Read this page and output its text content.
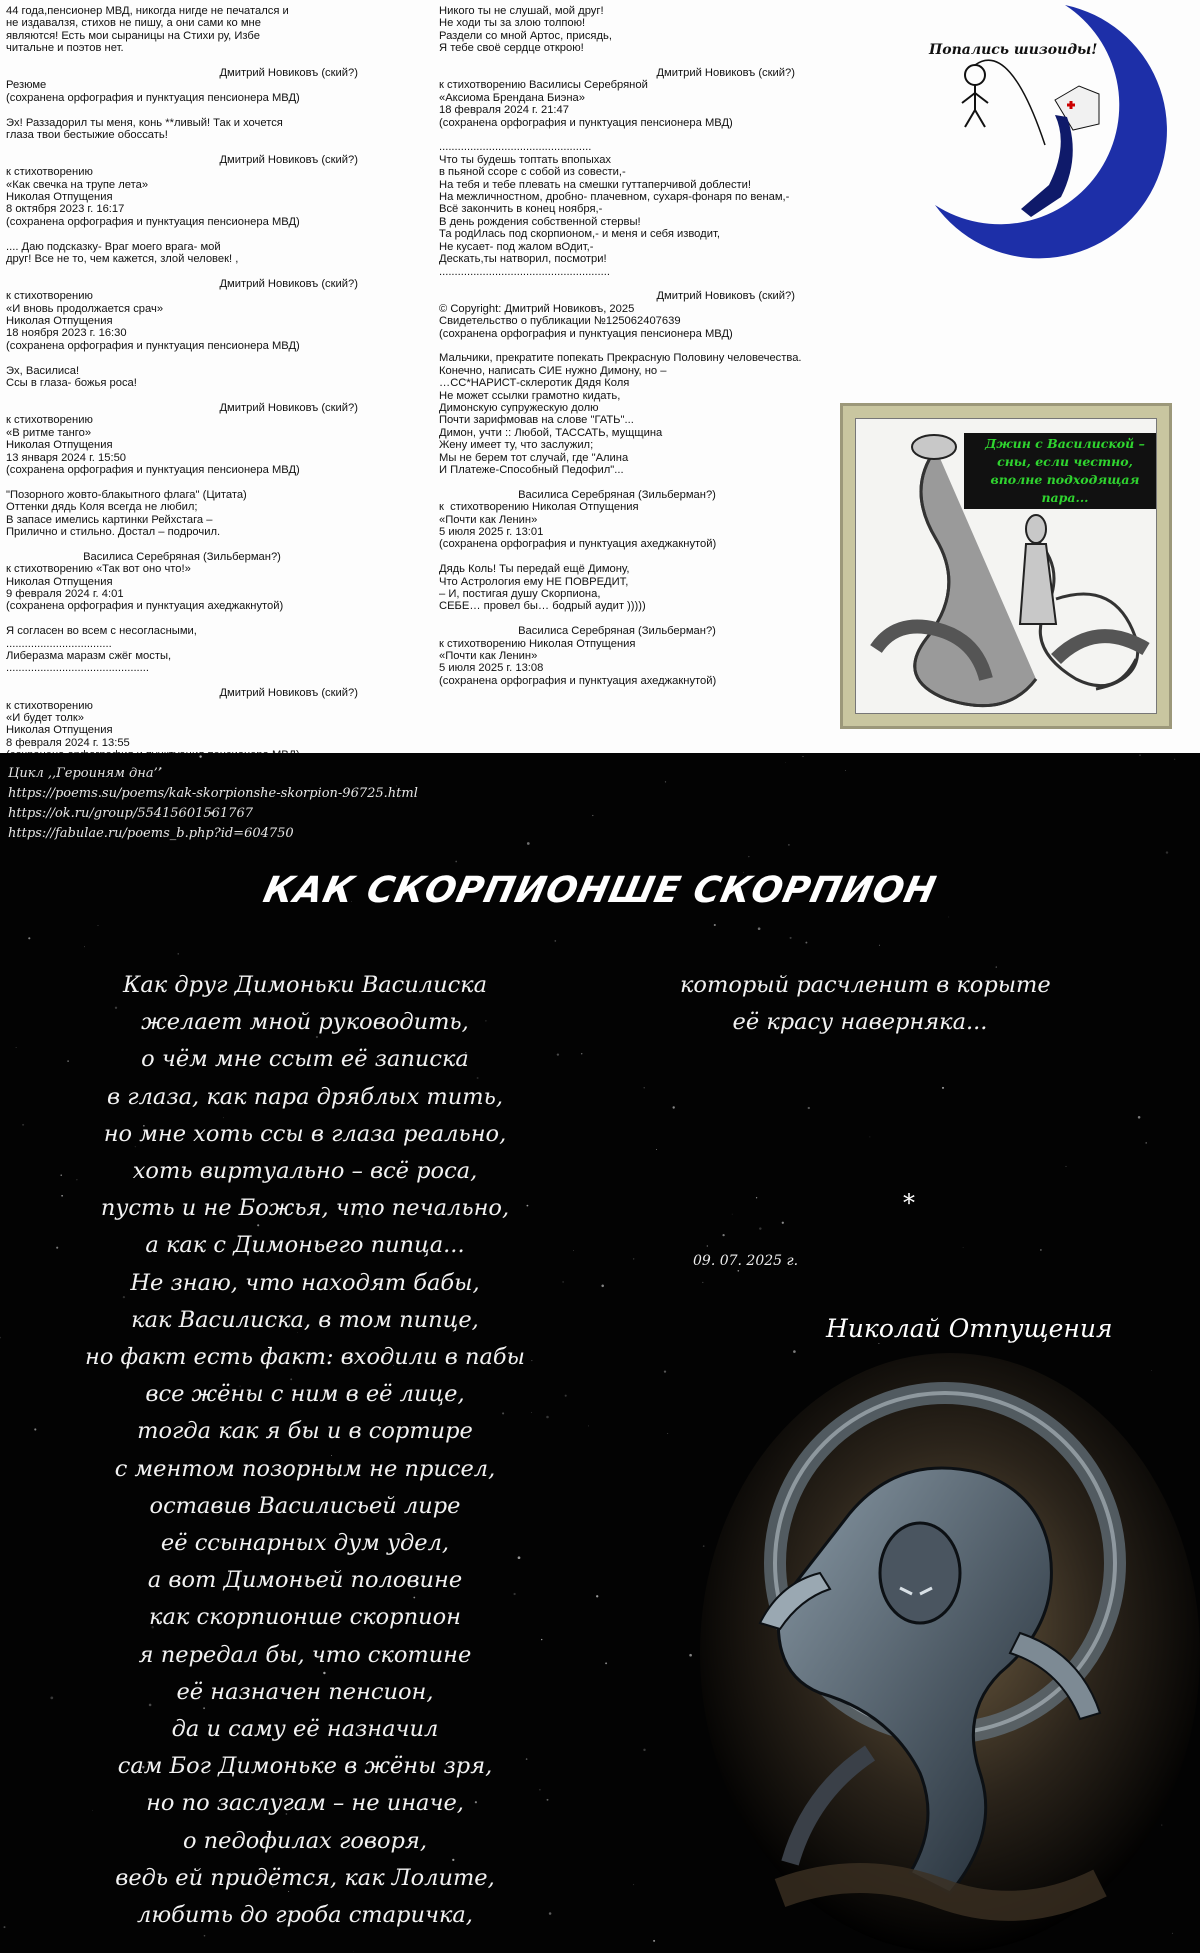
44 года,пенсионер МВД, никогда нигде не печатался и
не издавалзя, стихов не пишу, а они сами ко мне
являются! Есть мои сыраницы на Стихи ру, Избе
читальне и поэтов нет.
Дмитрий Новиковъ (ский?)
Резюме
(сохранена орфография и пунктуация пенсионера МВД)
Эх! Раззадорил ты меня, конь **ливый! Так и хочется
глаза твои бестыжие обоссать!
Дмитрий Новиковъ (ский?)
к стихотворению
«Как свечка на трупе лета»
Николая Отпущения
8 октября 2023 г. 16:17
(сохранена орфография и пунктуация пенсионера МВД)
.... Даю подсказку- Враг моего врага- мой
друг! Все не то, чем кажется, злой человек! ,
Дмитрий Новиковъ (ский?)
к стихотворению
«И вновь продолжается срач»
Николая Отпущения
18 ноября 2023 г. 16:30
(сохранена орфография и пунктуация пенсионера МВД)
Эх, Василиса!
Ссы в глаза- божья роса!
Дмитрий Новиковъ (ский?)
к стихотворению
«В ритме танго»
Николая Отпущения
13 января 2024 г. 15:50
(сохранена орфография и пунктуация пенсионера МВД)
"Позорного жовто-блакытного флага" (Цитата)
Оттенки дядь Коля всегда не любил;
В запасе имелись картинки Рейхстага –
Прилично и стильно. Достал – подрочил.
Василиса Серебряная (Зильберман?)
к стихотворению «Так вот оно что!»
Николая Отпущения
9 февраля 2024 г. 4:01
(сохранена орфография и пунктуация ахеджакнутой)
Я согласен во всем с несогласными,
..................................
Либеразма маразм сжёг мосты,
..............................................
Дмитрий Новиковъ (ский?)
к стихотворению
«И будет толк»
Николая Отпущения
8 февраля 2024 г. 13:55
Никого ты не слушай, мой друг!
Не ходи ты за злою толпою!
Раздели со мной Артос, присядь,
Я тебе своё сердце открою!
Дмитрий Новиковъ (ский?)
к стихотворению Василисы Серебряной
«Аксиома Брендана Биэна»
18 февраля 2024 г. 21:47
(сохранена орфография и пунктуация пенсионера МВД)
.................................................
Что ты будешь топтать впопыхах
в пьяной ссоре с собой из совести,-
На тебя и тебе плевать на смешки гуттаперчивой доблести!
На межличностном, дробно- плачевном, сухаря-фонаря по венам,-
Всё закончить в конец ноября,-
В день рождения собственной стервы!
Та родИлась под скорпионом,- и меня и себя изводит,
Не кусает- под жалом вОдит,-
Дескать,ты натворил, посмотри!
.......................................................
Дмитрий Новиковъ (ский?)
© Copyright: Дмитрий Новиковъ, 2025
Свидетельство о публикации №125062407639
(сохранена орфография и пунктуация пенсионера МВД)
Мальчики, прекратите попекать Прекрасную Половину человечества.
Конечно, написать СИЕ нужно Димону, но –
…СС*НАРИСТ-склеротик Дядя Коля
Не может ссылки грамотно кидать,
Димонскую супружескую долю
Почти зарифмовав на слове "ГАТЬ"...
Димон, учти :: Любой, ТАССАТЬ, мущщина
Жену имеет ту, что заслужил;
Мы не берем тот случай, где "Алина
И Платеже-Способный Педофил"...
Василиса Серебряная (Зильберман?)
к  стихотворению Николая Отпущения
«Почти как Ленин»
5 июля 2025 г. 13:01
(сохранена орфография и пунктуация ахеджакнутой)
Дядь Коль! Ты передай ещё Димону,
Что Астрология ему НЕ ПОВРЕДИТ,
– И, постигая душу Скорпиона,
СЕБЕ… провел бы… бодрый аудит )))))
Василиса Серебряная (Зильберман?)
к стихотворению Николая Отпущения
«Почти как Ленин»
5 июля 2025 г. 13:08
(сохранена орфография и пунктуация ахеджакнутой)
Попались шизоиды!
Джин с Василиской – сны, если честно, вполне подходящая пара...
Цикл ,,Героиням дна’’
https://poems.su/poems/kak-skorpionshe-skorpion-96725.html
https://ok.ru/group/55415601561767
https://fabulae.ru/poems_b.php?id=604750
КАК СКОРПИОНШЕ СКОРПИОН
Как друг Димоньки Василиска
желает мной руководить,
о чём мне ссыт её записка
в глаза, как пара дряблых тить,
но мне хоть ссы в глаза реально,
хоть виртуально – всё роса,
пусть и не Божья, что печально,
а как с Димоньего пипца...
Не знаю, что находят бабы,
как Василиска, в том пипце,
но факт есть факт: входили в пабы
все жёны с ним в её лице,
тогда как я бы и в сортире
с ментом позорным не присел,
оставив Василисьей лире
её ссынарных дум удел,
а вот Димоньей половине
как скорпионше скорпион
я передал бы, что скотине
её назначен пенсион,
да и саму её назначил
сам Бог Димоньке в жёны зря,
но по заслугам – не иначе,
о педофилах говоря,
ведь ей придётся, как Лолите,
любить до гроба старичка,
который расчленит в корыте
её красу наверняка...
*
09. 07. 2025 г.
Николай Отпущения
